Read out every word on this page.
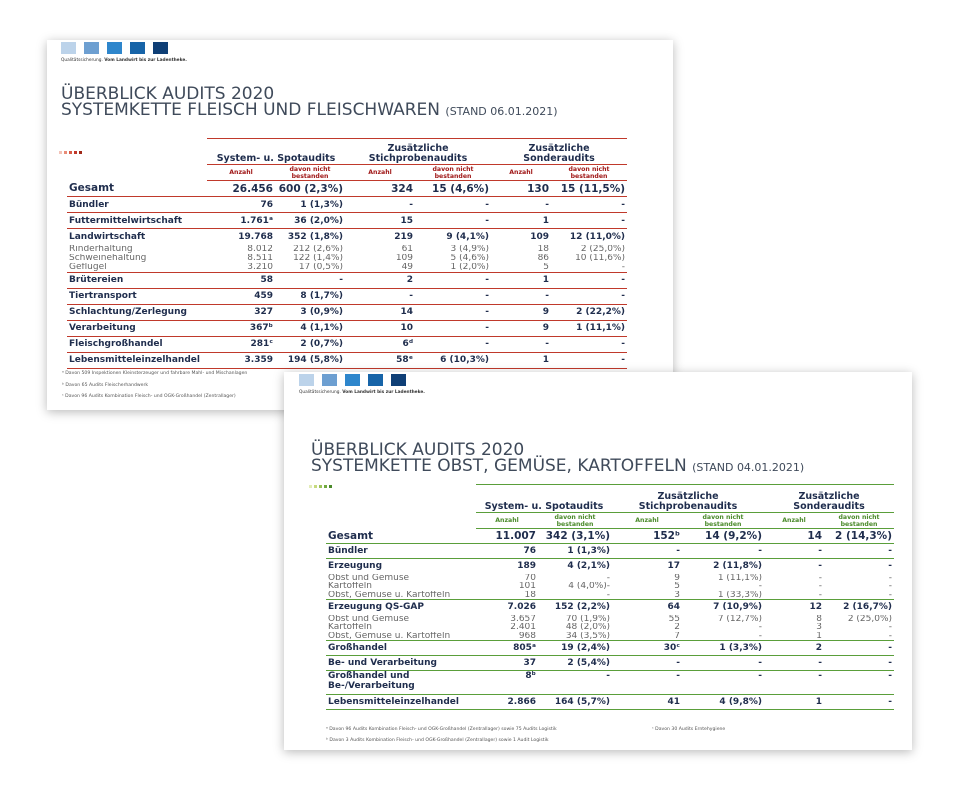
Qualitätssicherung. Vom Landwirt bis zur Ladentheke.
ÜBERBLICK AUDITS 2020
SYSTEMKETTE FLEISCH UND FLEISCHWAREN (STAND 06.01.2021)
	System- u. Spotaudits		Zusätzliche Stichprobenaudits		Zusätzliche Sonderaudits	
	Anzahl	davon nicht bestanden	Anzahl	davon nicht bestanden	Anzahl	davon nicht bestanden
Gesamt	26.456	600 (2,3%)	324	15 (4,6%)	130	15 (11,5%)
Bündler	76	1 (1,3%)	-	-	-	-
Futtermittelwirtschaft	1.761ᵃ	36 (2,0%)	15	-	1	-
Landwirtschaft	19.768	352 (1,8%)	219	9 (4,1%)	109	12 (11,0%)
Rinderhaltung	8.012	212 (2,6%)	61	3 (4,9%)	18	2 (25,0%)
Schweinehaltung	8.511	122 (1,4%)	109	5 (4,6%)	86	10 (11,6%)
Geflügel	3.210	17 (0,5%)	49	1 (2,0%)	5	-
Brütereien	58	-	2	-	1	-
Tiertransport	459	8 (1,7%)	-	-	-	-
Schlachtung/Zerlegung	327	3 (0,9%)	14	-	9	2 (22,2%)
Verarbeitung	367ᵇ	4 (1,1%)	10	-	9	1 (11,1%)
Fleischgroßhandel	281ᶜ	2 (0,7%)	6ᵈ	-	-	-
Lebensmitteleinzelhandel	3.359	194 (5,8%)	58ᵉ	6 (10,3%)	1	-
ᵃ Davon 509 Inspektionen Kleinsterzeuger und fahrbare Mahl- und Mischanlagen
ᵇ Davon 65 Audits Fleischerhandwerk
ᶜ Davon 96 Audits Kombination Fleisch- und OGK-Großhandel (Zentrallager)
Qualitätssicherung. Vom Landwirt bis zur Ladentheke.
ÜBERBLICK AUDITS 2020
SYSTEMKETTE OBST, GEMÜSE, KARTOFFELN (STAND 04.01.2021)
	System- u. Spotaudits		Zusätzliche Stichprobenaudits		Zusätzliche Sonderaudits	
	Anzahl	davon nicht bestanden	Anzahl	davon nicht bestanden	Anzahl	davon nicht bestanden
Gesamt	11.007	342 (3,1%)	152ᵇ	14 (9,2%)	14	2 (14,3%)
Bündler	76	1 (1,3%)	-	-	-	-
Erzeugung	189	4 (2,1%)	17	2 (11,8%)	-	-
Obst und Gemüse	70	-	9	1 (11,1%)	-	-
Kartoffeln	101	4 (4,0%)-	5	-	-	-
Obst, Gemüse u. Kartoffeln	18	-	3	1 (33,3%)	-	-
Erzeugung QS-GAP	7.026	152 (2,2%)	64	7 (10,9%)	12	2 (16,7%)
Obst und Gemüse	3.657	70 (1,9%)	55	7 (12,7%)	8	2 (25,0%)
Kartoffeln	2.401	48 (2,0%)	2	-	3	-
Obst, Gemüse u. Kartoffeln	968	34 (3,5%)	7	-	1	-
Großhandel	805ᵃ	19 (2,4%)	30ᶜ	1 (3,3%)	2	-
Be- und Verarbeitung	37	2 (5,4%)	-	-	-	-
Großhandel und Be-/Verarbeitung	8ᵇ	-	-	-	-	-
Lebensmitteleinzelhandel	2.866	164 (5,7%)	41	4 (9,8%)	1	-
ᵃ Davon 96 Audits Kombination Fleisch- und OGK-Großhandel (Zentrallager) sowie 75 Audits Logistik	ᶜ Davon 30 Audits Erntehygiene
ᵇ Davon 3 Audits Kombination Fleisch- und OGK-Großhandel (Zentrallager) sowie 1 Audit Logistik
